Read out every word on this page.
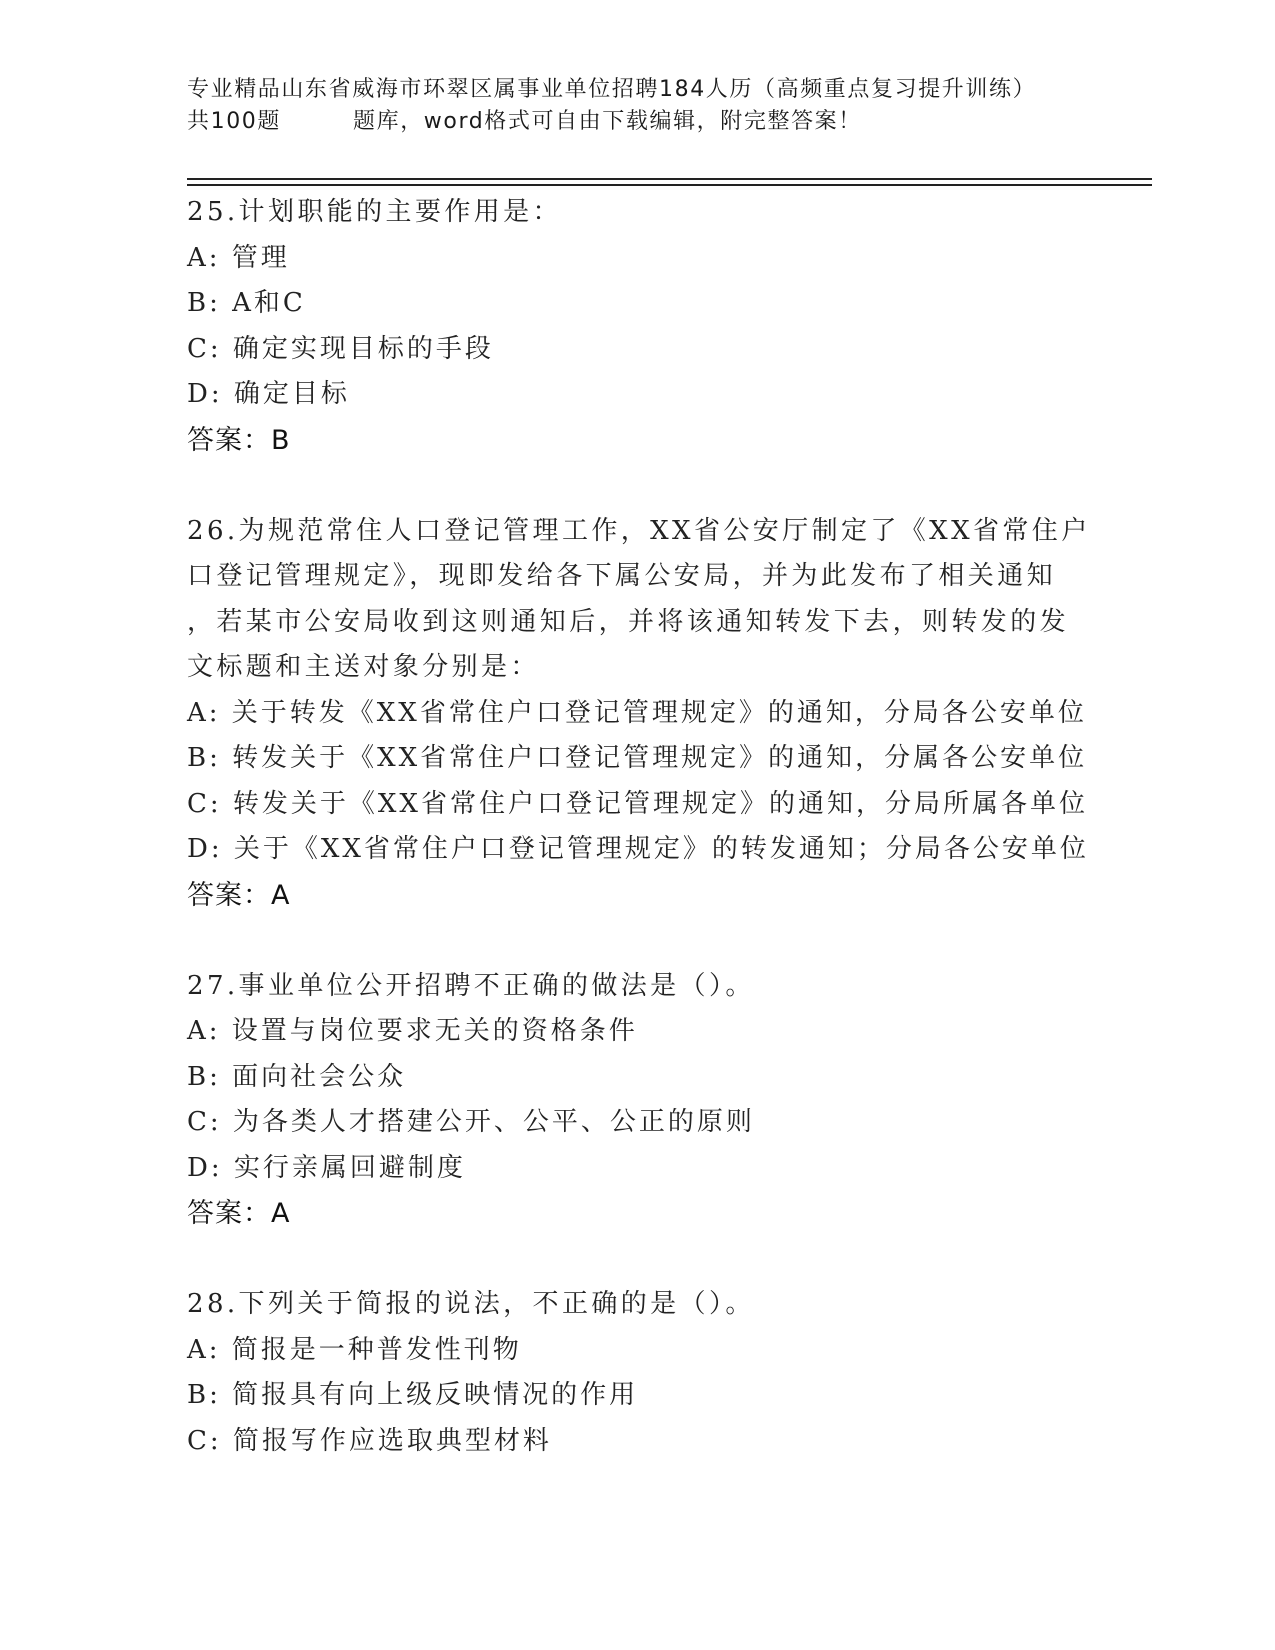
专业精品山东省威海市环翠区属事业单位招聘184人历（高频重点复习提升训练）
共100题	题库，word格式可自由下载编辑，附完整答案！
25.计划职能的主要作用是：
A: 管理
B: A和C
C: 确定实现目标的手段
D: 确定目标
答案：B
26.为规范常住人口登记管理工作，XX省公安厅制定了《XX省常住户
口登记管理规定》，现即发给各下属公安局，并为此发布了相关通知
，若某市公安局收到这则通知后，并将该通知转发下去，则转发的发
文标题和主送对象分别是：
A: 关于转发《XX省常住户口登记管理规定》的通知，分局各公安单位
B: 转发关于《XX省常住户口登记管理规定》的通知，分属各公安单位
C: 转发关于《XX省常住户口登记管理规定》的通知，分局所属各单位
D: 关于《XX省常住户口登记管理规定》的转发通知；分局各公安单位
答案：A
27.事业单位公开招聘不正确的做法是（）。
A: 设置与岗位要求无关的资格条件
B: 面向社会公众
C: 为各类人才搭建公开、公平、公正的原则
D: 实行亲属回避制度
答案：A
28.下列关于简报的说法，不正确的是（）。
A: 简报是一种普发性刊物
B: 简报具有向上级反映情况的作用
C: 简报写作应选取典型材料
